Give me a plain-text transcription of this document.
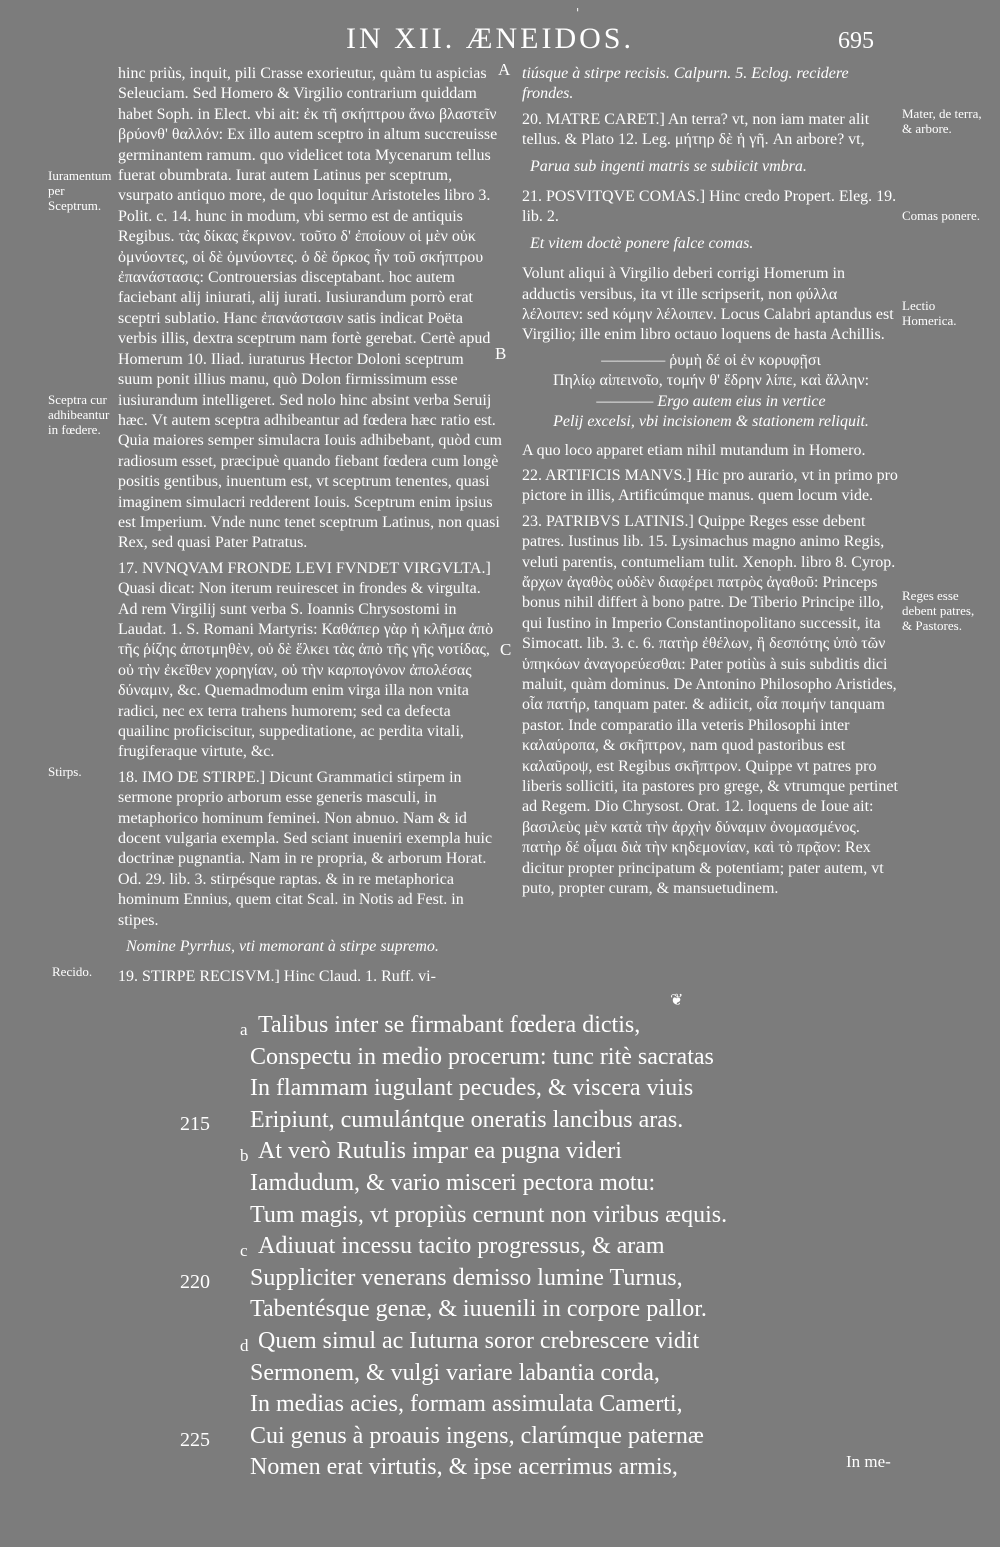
'
IN XII. ÆNEIDOS.	695
Iuramentum per Sceptrum.
Sceptra cur adhibeantur in fœdere.
Stirps.
Recido.
A
B
C

hinc priùs, inquit, pili Crasse exorieutur, quàm tu aspicias Seleuciam. Sed Homero & Virgilio contrarium quiddam habet Soph. in Elect. vbi ait: ἐκ τῆ σκήπτρου ἄνω βλαστεῖν βρύονθ' θαλλόν: Ex illo autem sceptro in altum succreuisse germinantem ramum. quo videlicet tota Mycenarum tellus fuerat obumbrata. Iurat autem Latinus per sceptrum, vsurpato antiquo more, de quo loquitur Aristoteles libro 3. Polit. c. 14. hunc in modum, vbi sermo est de antiquis Regibus. τὰς δίκας ἔκρινον. τοῦτο δ' ἐποίουν οἱ μὲν οὐκ ὀμνύοντες, οἱ δὲ ὀμνύοντες. ὁ δὲ ὅρκος ἦν τοῦ σκήπτρου ἐπανάστασις: Controuersias disceptabant. hoc autem faciebant alij iniurati, alij iurati. Iusiurandum porrò erat sceptri sublatio. Hanc ἐπανάστασιν satis indicat Poëta verbis illis, dextra sceptrum nam fortè gerebat. Certè apud Homerum 10. Iliad. iuraturus Hector Doloni sceptrum suum ponit illius manu, quò Dolon firmissimum esse iusiurandum intelligeret. Sed nolo hinc absint verba Seruij hæc. Vt autem sceptra adhibeantur ad fœdera hæc ratio est. Quia maiores semper simulacra Iouis adhibebant, quòd cum radiosum esset, præcipuè quando fiebant fœdera cum longè positis gentibus, inuentum est, vt sceptrum tenentes, quasi imaginem simulacri redderent Iouis. Sceptrum enim ipsius est Imperium. Vnde nunc tenet sceptrum Latinus, non quasi Rex, sed quasi Pater Patratus.

17. NVNQVAM FRONDE LEVI FVNDET VIRGVLTA.] Quasi dicat: Non iterum reuirescet in frondes & virgulta. Ad rem Virgilij sunt verba S. Ioannis Chrysostomi in Laudat. 1. S. Romani Martyris: Καθάπερ γὰρ ἡ κλῆμα ἀπὸ τῆς ῥίζης ἀποτμηθὲν, οὐ δὲ ἕλκει τὰς ἀπὸ τῆς γῆς νοτίδας, οὐ τὴν ἐκεῖθεν χορηγίαν, οὐ τὴν καρπογόνον ἀπολέσας δύναμιν, &c. Quemadmodum enim virga illa non vnita radici, nec ex terra trahens humorem; sed ca defecta quailinc proficiscitur, suppeditatione, ac perdita vitali, frugiferaque virtute, &c.

18. IMO DE STIRPE.] Dicunt Grammatici stirpem in sermone proprio arborum esse generis masculi, in metaphorico hominum feminei. Non abnuo. Nam & id docent vulgaria exempla. Sed sciant inueniri exempla huic doctrinæ pugnantia. Nam in re propria, & arborum Horat. Od. 29. lib. 3. stirpésque raptas. & in re metaphorica hominum Ennius, quem citat Scal. in Notis ad Fest. in stipes.

Nomine Pyrrhus, vti memorant à stirpe supremo.

19. STIRPE RECISVM.] Hinc Claud. 1. Ruff. vi-

tiúsque à stirpe recisis. Calpurn. 5. Eclog. recidere frondes.

20. MATRE CARET.] An terra? vt, non iam mater alit tellus. & Plato 12. Leg. μήτηρ δὲ ἡ γῆ. An arbore? vt,

Parua sub ingenti matris se subiicit vmbra.

21. POSVITQVE COMAS.] Hinc credo Propert. Eleg. 19. lib. 2.

Et vitem doctè ponere falce comas.

Volunt aliqui à Virgilio deberi corrigi Homerum in adductis versibus, ita vt ille scripserit, non φύλλα λέλοιπεν: sed κόμην λέλοιπεν. Locus Calabri aptandus est Virgilio; ille enim libro octauo loquens de hasta Achillis.

———— ῥυμὴ δέ οἱ ἐν κορυφῇσι

Πηλίῳ αἰπεινοῖο, τομήν θ' ἔδρην λίπε, καὶ ἄλλην:

———— Ergo autem eius in vertice

Pelij excelsi, vbi incisionem & stationem reliquit.

A quo loco apparet etiam nihil mutandum in Homero.

22. ARTIFICIS MANVS.] Hic pro aurario, vt in primo pro pictore in illis, Artificúmque manus. quem locum vide.

23. PATRIBVS LATINIS.] Quippe Reges esse debent patres. Iustinus lib. 15. Lysimachus magno animo Regis, veluti parentis, contumeliam tulit. Xenoph. libro 8. Cyrop. ἄρχων ἀγαθὸς οὐδὲν διαφέρει πατρὸς ἀγαθοῦ: Princeps bonus nihil differt à bono patre. De Tiberio Principe illo, qui Iustino in Imperio Constantinopolitano successit, ita Simocatt. lib. 3. c. 6. πατὴρ ἐθέλων, ἢ δεσπότης ὑπὸ τῶν ὑπηκόων ἀναγορεύεσθαι: Pater potiùs à suis subditis dici maluit, quàm dominus. De Antonino Philosopho Aristides, οἷα πατήρ, tanquam pater. & adiicit, οἷα ποιμήν tanquam pastor. Inde comparatio illa veteris Philosophi inter καλαύροπα, & σκῆπτρον, nam quod pastoribus est καλαῦροψ, est Regibus σκῆπτρον. Quippe vt patres pro liberis solliciti, ita pastores pro grege, & vtrumque pertinet ad Regem. Dio Chrysost. Orat. 12. loquens de Ioue ait: βασιλεὺς μὲν κατὰ τὴν ἀρχὴν δύναμιν ὀνομασμένος. πατὴρ δέ οἶμαι διὰ τὴν κηδεμονίαν, καὶ τὸ πρᾷον: Rex dicitur propter principatum & potentiam; pater autem, vt puto, propter curam, & mansuetudinem.

Mater, de terra, & arbore.
Comas ponere.
Lectio Homerica.
Reges esse debent patres, & Pastores.
❦
a Talibus inter se firmabant fœdera dictis,
Conspectu in medio procerum: tunc ritè sacratas
In flammam iugulant pecudes, & viscera viuis
215 Eripiunt, cumulántque oneratis lancibus aras.
b At verò Rutulis impar ea pugna videri
Iamdudum, & vario misceri pectora motu:
Tum magis, vt propiùs cernunt non viribus æquis.
c Adiuuat incessu tacito progressus, & aram
220 Suppliciter venerans demisso lumine Turnus,
Tabentésque genæ, & iuuenili in corpore pallor.
d Quem simul ac Iuturna soror crebrescere vidit
Sermonem, & vulgi variare labantia corda,
In medias acies, formam assimulata Camerti,
225 Cui genus à proauis ingens, clarúmque paternæ
Nomen erat virtutis, & ipse acerrimus armis,	In me-
